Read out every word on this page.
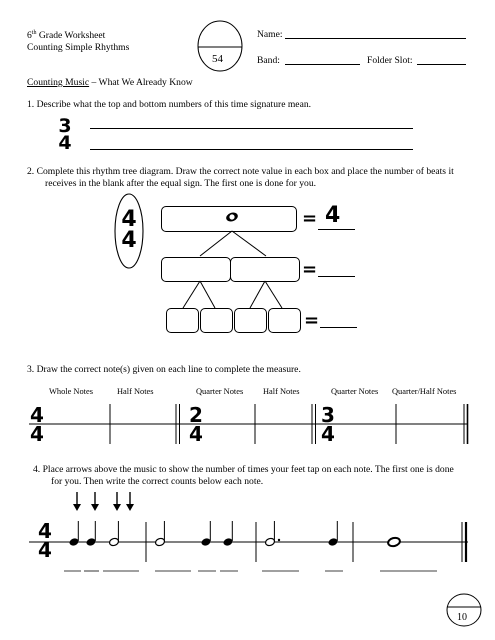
6th Grade Worksheet
Counting Simple Rhythms
54
Name:
Band:	Folder Slot:
Counting Music – What We Already Know
1. Describe what the top and bottom numbers of this time signature mean.
3
4
2. Complete this rhythm tree diagram. Draw the correct note value in each box and place the number of beats it
receives in the blank after the equal sign. The first one is done for you.
4
4
= 4
=
=
3. Draw the correct note(s) given on each line to complete the measure.
Whole Notes	Half Notes	Quarter Notes Half Notes	Quarter Notes Quarter/Half Notes
4
4
2
4
3
4
4. Place arrows above the music to show the number of times your feet tap on each note. The first one is done
for you. Then write the correct counts below each note.
4
4
10
